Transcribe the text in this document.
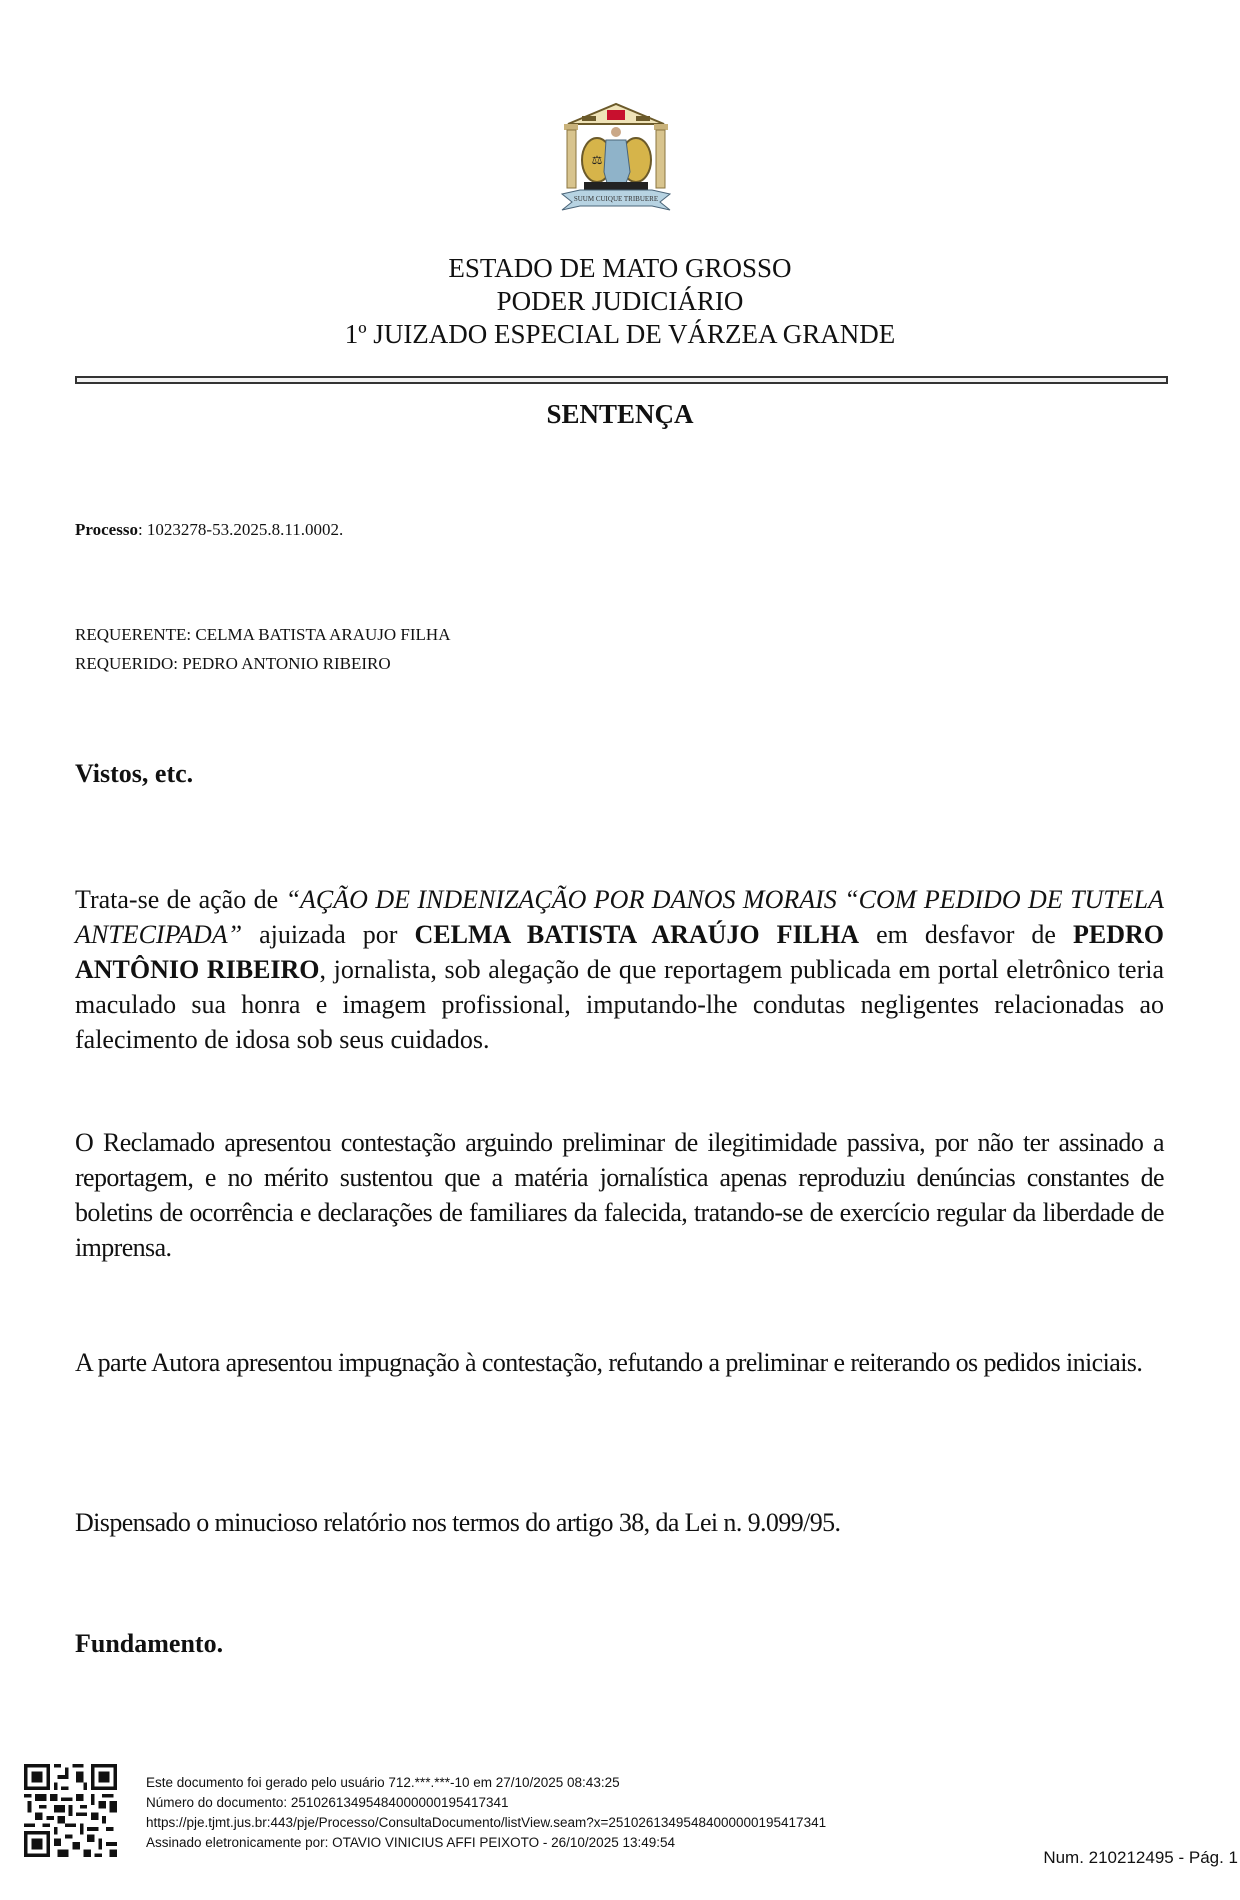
⚖
SUUM CUIQUE TRIBUERE
ESTADO DE MATO GROSSO
PODER JUDICIÁRIO
1º JUIZADO ESPECIAL DE VÁRZEA GRANDE
SENTENÇA
Processo: 1023278-53.2025.8.11.0002.
REQUERENTE: CELMA BATISTA ARAUJO FILHA
REQUERIDO: PEDRO ANTONIO RIBEIRO
Vistos, etc.
Trata-se de ação de “AÇÃO DE INDENIZAÇÃO POR DANOS MORAIS “COM PEDIDO DE TUTELA ANTECIPADA” ajuizada por CELMA BATISTA ARAÚJO FILHA em desfavor de PEDRO ANTÔNIO RIBEIRO, jornalista, sob alegação de que reportagem publicada em portal eletrônico teria maculado sua honra e imagem profissional, imputando-lhe condutas negligentes relacionadas ao falecimento de idosa sob seus cuidados.
O Reclamado apresentou contestação arguindo preliminar de ilegitimidade passiva, por não ter assinado a reportagem, e no mérito sustentou que a matéria jornalística apenas reproduziu denúncias constantes de boletins de ocorrência e declarações de familiares da falecida, tratando-se de exercício regular da liberdade de imprensa.
A parte Autora apresentou impugnação à contestação, refutando a preliminar e reiterando os pedidos iniciais.
Dispensado o minucioso relatório nos termos do artigo 38, da Lei n. 9.099/95.
Fundamento.
Este documento foi gerado pelo usuário 712.***.***-10 em 27/10/2025 08:43:25
Número do documento: 25102613495484000000195417341
https://pje.tjmt.jus.br:443/pje/Processo/ConsultaDocumento/listView.seam?x=25102613495484000000195417341
Assinado eletronicamente por: OTAVIO VINICIUS AFFI PEIXOTO - 26/10/2025 13:49:54
Num. 210212495 - Pág. 1
